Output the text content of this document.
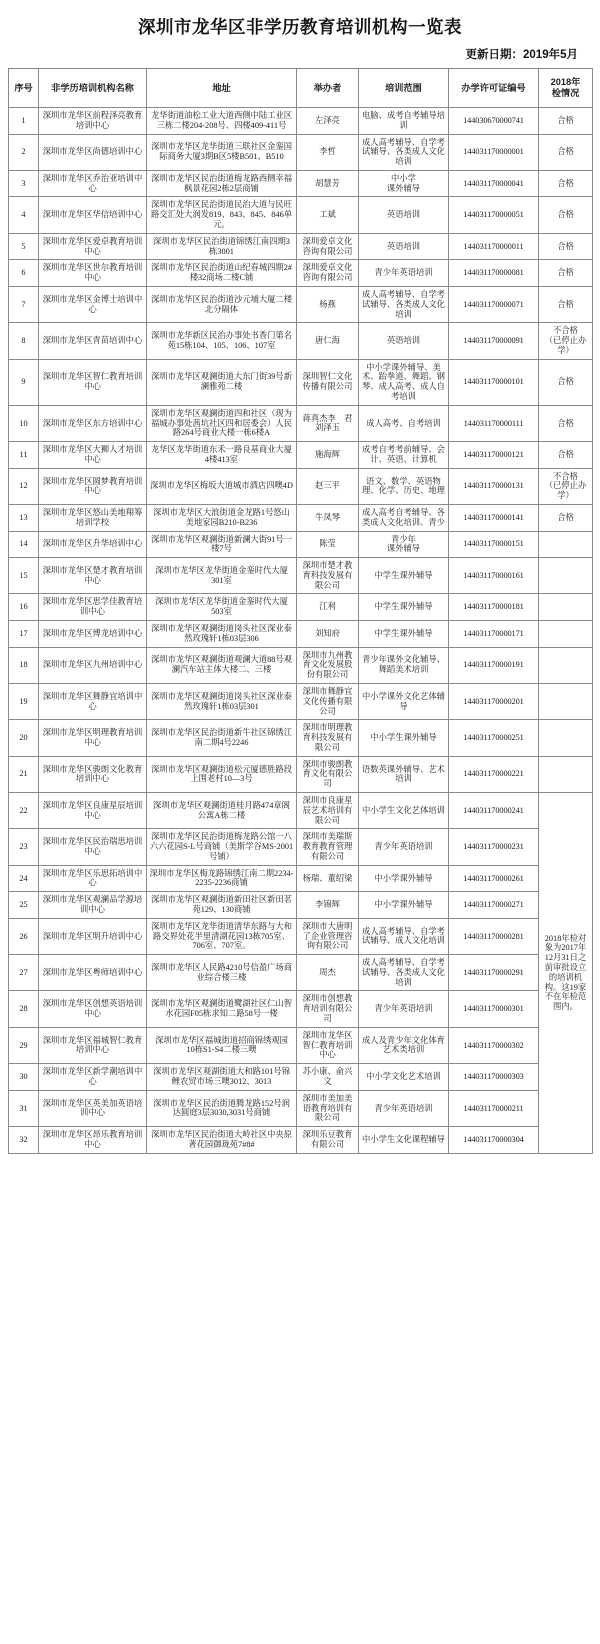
深圳市龙华区非学历教育培训机构一览表
更新日期：2019年5月
序号	非学历培训机构名称	地址	举办者	培训范围	办学许可证编号	2018年
检情况
1	深圳市龙华区前程泽亮教育培训中心	龙华街道油松工业大道西侧中陆工业区三栋二楼204-208号、四楼409-411号	左泽亮	电脑、成考自考辅导培训	144030670000741	合格
2	深圳市龙华区尚德培训中心	深圳市龙华区龙华街道三联社区金銮国际商务大厦3期B区5楼B501、B510	李哲	成人高考辅导、自学考试辅导、各类成人文化培训	144031170000001	合格
3	深圳市龙华区乔治亚培训中心	深圳市龙华区民治街道梅龙路西侧幸福枫景花园2栋2层商铺	胡慧芳	中小学
课外辅导	144031170000041	合格
4	深圳市龙华区华信培训中心	深圳市龙华区民治街道民治大道与民旺路交汇处大润发819、843、845、846单元。	工斌	英语培训	144031170000051	合格
5	深圳市龙华区爱卓教育培训中心	深圳市龙华区民治街道锦绣江南四期3栋3001	深圳爱卓文化咨询有限公司	英语培训	144031170000011	合格
6	深圳市龙华区世尔教育培训中心	深圳市龙华区民治街道山纪春城四期2#楼32商场二楼C铺	深圳爱卓文化咨询有限公司	青少年英语培训	144031170000081	合格
7	深圳市龙华区金博士培训中心	深圳市龙华区民治街道沙元埔大厦二楼北分隔体	杨燕	成人高考辅导、自学考试辅导、各类成人文化培训	144031170000071	合格
8	深圳市龙华区青苗培训中心	深圳市龙华新区民治办事处书香门第名苑15栋104、105、106、107室	唐仁海	英语培训	144031170000091	不合格
（已停止办学）
9	深圳市龙华区智仁教育培训中心	深圳市龙华区观澜街道大东门街39号新澜雅苑二楼	深圳智仁文化传播有限公司	中小学课外辅导、美术、跆拳道、舞蹈、钢琴、成人高考、成人自考培训	144031170000101	合格
10	深圳市龙华区东方培训中心	深圳市龙华区观澜街道四和社区（现为福城办事处茜坑社区四和居委会）人民路264号商业大楼一栋6楼A	蒋真杰李　君
刘泽玉	成人高考、自考培训	144031170000111	合格
11	深圳市龙华区大狮人才培训中心	龙华区龙华街道东禾一路良基商业大厦4楼413室	施海辉	成考自考考前辅导、会计、英语、计算机	144031170000121	合格
12	深圳市龙华区圆梦教育培训中心	深圳市龙华区梅坂大道城市酒店四噢4D	赵三平	语文、数学、英语物理、化学、历史、地理	144031170000131	不合格
（已停止办学）
13	深圳市龙华区悠山美地翔筹培训学校	深圳市龙华区大浪街道金龙路1号悠山美地家园B210-B236	牛凤琴	成人高考自考辅导、各类成人文化培训、青少	144031170000141	合格
14	深圳市龙华区升华培训中心	深圳市龙华区观澜街道新澜大街91号一楼7号	陈莹	青少年
课外辅导	144031170000151	
15	深圳市龙华区楚才教育培训中心	深圳市龙华区龙华街道金銮时代大厦301室	深圳市楚才教育科技发展有限公司	中学生课外辅导	144031170000161	
16	深圳市龙华区思学佳教育培训中心	深圳市龙华区龙华街道金銮时代大厦503室	江利	中学生课外辅导	144031170000181	
17	深圳市龙华区博龙培训中心	深圳市龙华区观澜街道岗头社区深业泰然玫瑰轩1栋03层306	刘知府	中学生课外辅导	144031170000171	
18	深圳市龙华区九州培训中心	深圳市龙华区观澜街道观澜大道88号观澜汽车站主体大楼二、三楼	深圳市九州教育文化发展股份有限公司	青少年课外文化辅导、舞蹈美术培训	144031170000191	
19	深圳市龙华区舞静宜培训中心	深圳市龙华区观澜街道岗头社区深业泰然玫瑰轩1栋03层301	深圳市舞静宜文化传播有限公司	中小学课外文化艺体辅导	144031170000201	
20	深圳市龙华区明理教育培训中心	深圳市龙华区民治街道新牛社区锦绣江南二期4号2246	深圳市明理教育科技发展有限公司	中小学生课外辅导	144031170000251	
21	深圳市龙华区骏朗文化教育培训中心	深圳市龙华区观澜街道松元厦德胜路段上围老村10—3号	深圳市骏朗教育文化有限公司	语数英课外辅导、艺术培训	144031170000221	
22	深圳市龙华区良康星辰培训中心	深圳市龙华区观澜街道桂月路474章阁公寓A栋二楼	深圳市良康星辰艺术培训有限公司	中小学生文化艺体培训	144031170000241	2018年检对象为2017年12月31日之前审批设立的培训机构。这19家不在年检范围内。
23	深圳市龙华区民治瑞思培训中心	深圳市龙华区民治街道梅龙路公馆一八六六花园S-L号商铺（美斯学谷MS-2001号铺）	深圳市美瑞斯教育教育管理有限公司	青少年英语培训	144031170000231	
24	深圳市龙华区乐思拓培训中心	深圳市龙华区梅龙路锦绣江南二期2234-2235-2236商铺	杨瑞、董绍梁	中小学课外辅导	144031170000261	
25	深圳市龙华区观澜品学源培训中心	深圳市龙华区观澜街道新田社区新田茗苑129、130商铺	李锦辉	中小学课外辅导	144031170000271	
26	深圳市龙华区明升培训中心	深圳市龙华区龙华街道清华东路与大和路交界处花半里清湖花园13栋705室、706室、707室。	深圳市大唐明了企业管理咨询有限公司	成人高考辅导、自学考试辅导、成人文化培训	144031170000281	
27	深圳市龙华区粤师培训中心	深圳市龙华区人民路4210号信盈广场商业综合楼三楼	周杰	成人高考辅导、自学考试辅导、各类成人文化培训	144031170000291	
28	深圳市龙华区创想英语培训中心	深圳市龙华区观澜街道鹭湖社区仁山智水花园F05栋求知二路58号一楼	深圳市创想教育培训有限公司	青少年英语培训	144031170000301	
29	深圳市龙华区福城智仁教育培训中心	深圳市龙华区福城街道招商锦绣观园
10栋S1-S4二楼三噢	深圳市龙华区智仁教育培训中心	成人及青少年文化体育艺术类培训	144031170000302	
30	深圳市龙华区新学潮培训中心	深圳市龙华区观湖街道大和路101号锦鲤农贸市场三噢3012、3013	苏小康、俞兴文	中小学文化艺术培训	144031170000303	
31	深圳市龙华区英美加英语培训中心	深圳市龙华区民治街道腾龙路152号润达圆庭3层3030,3031号商铺	深圳市美加美语教育培训有限公司	青少年英语培训	144031170000211	
32	深圳市龙华区昂乐教育培训中心	深圳市龙华区民治街道大岭社区中央原著花园御珑苑7#8#	深圳乐豆教育有限公司	中小学生文化课程辅导	144031170000304	
